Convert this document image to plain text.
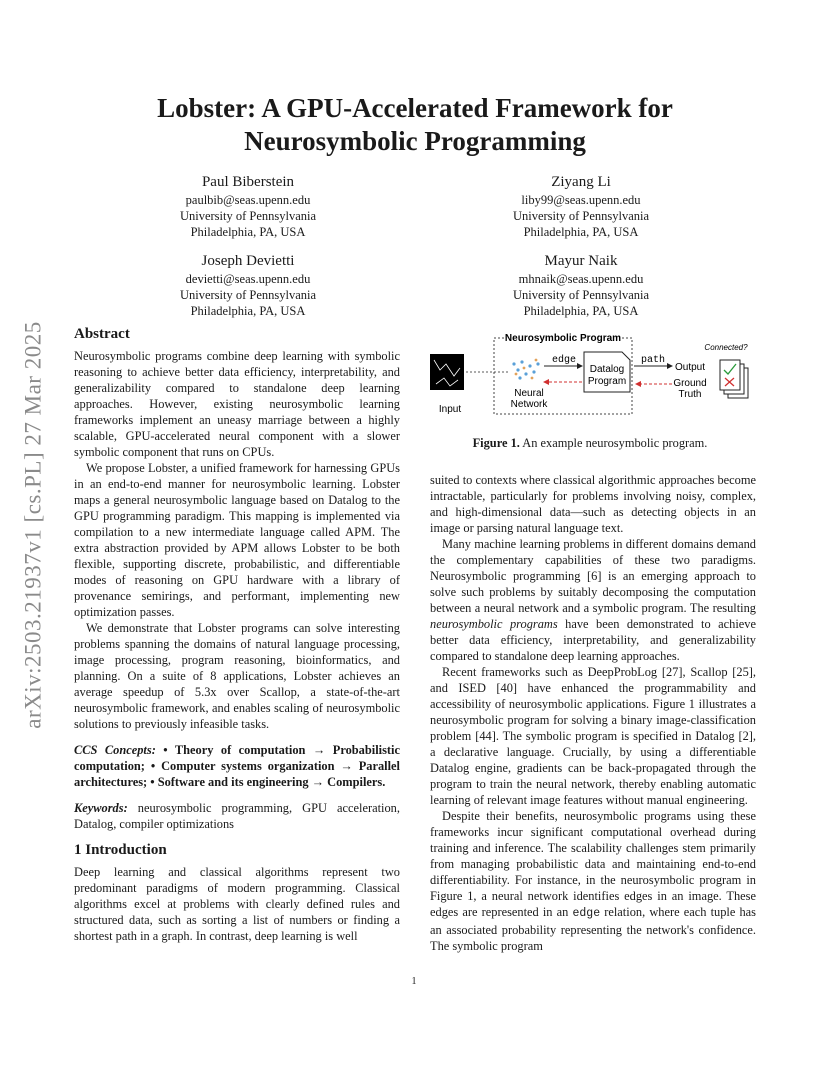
arXiv:2503.21937v1 [cs.PL] 27 Mar 2025
Lobster: A GPU-Accelerated Framework for
Neurosymbolic Programming
Paul Biberstein
paulbib@seas.upenn.edu
University of Pennsylvania
Philadelphia, PA, USA
Ziyang Li
liby99@seas.upenn.edu
University of Pennsylvania
Philadelphia, PA, USA
Joseph Devietti
devietti@seas.upenn.edu
University of Pennsylvania
Philadelphia, PA, USA
Mayur Naik
mhnaik@seas.upenn.edu
University of Pennsylvania
Philadelphia, PA, USA
Abstract

Neurosymbolic programs combine deep learning with symbolic reasoning to achieve better data efficiency, interpretability, and generalizability compared to standalone deep learning approaches. However, existing neurosymbolic learning frameworks implement an uneasy marriage between a highly scalable, GPU-accelerated neural component with a slower symbolic component that runs on CPUs.

We propose Lobster, a unified framework for harnessing GPUs in an end-to-end manner for neurosymbolic learning. Lobster maps a general neurosymbolic language based on Datalog to the GPU programming paradigm. This mapping is implemented via compilation to a new intermediate language called APM. The extra abstraction provided by APM allows Lobster to be both flexible, supporting discrete, probabilistic, and differentiable modes of reasoning on GPU hardware with a library of provenance semirings, and performant, implementing new optimization passes.

We demonstrate that Lobster programs can solve interesting problems spanning the domains of natural language processing, image processing, program reasoning, bioinformatics, and planning. On a suite of 8 applications, Lobster achieves an average speedup of 5.3x over Scallop, a state-of-the-art neurosymbolic framework, and enables scaling of neurosymbolic solutions to previously infeasible tasks.

CCS Concepts: • Theory of computation → Probabilistic computation; • Computer systems organization → Parallel architectures; • Software and its engineering → Compilers.

Keywords: neurosymbolic programming, GPU acceleration, Datalog, compiler optimizations

1 Introduction

Deep learning and classical algorithms represent two predominant paradigms of modern programming. Classical algorithms excel at problems with clearly defined rules and structured data, such as sorting a list of numbers or finding a shortest path in a graph. In contrast, deep learning is well

Neurosymbolic Program
Input
Neural
Network
edge
Datalog
Program
path
Output
Ground
Truth
Connected?
Figure 1. An example neurosymbolic program.

suited to contexts where classical algorithmic approaches become intractable, particularly for problems involving noisy, complex, and high-dimensional data—such as detecting objects in an image or parsing natural language text.

Many machine learning problems in different domains demand the complementary capabilities of these two paradigms. Neurosymbolic programming [6] is an emerging approach to solve such problems by suitably decomposing the computation between a neural network and a symbolic program. The resulting neurosymbolic programs have been demonstrated to achieve better data efficiency, interpretability, and generalizability compared to standalone deep learning approaches.

Recent frameworks such as DeepProbLog [27], Scallop [25], and ISED [40] have enhanced the programmability and accessibility of neurosymbolic applications. Figure 1 illustrates a neurosymbolic program for solving a binary image-classification problem [44]. The symbolic program is specified in Datalog [2], a declarative language. Crucially, by using a differentiable Datalog engine, gradients can be back-propagated through the program to train the neural network, thereby enabling automatic learning of relevant image features without manual engineering.

Despite their benefits, neurosymbolic programs using these frameworks incur significant computational overhead during training and inference. The scalability challenges stem primarily from managing probabilistic data and maintaining end-to-end differentiability. For instance, in the neurosymbolic program in Figure 1, a neural network identifies edges in an image. These edges are represented in an edge relation, where each tuple has an associated probability representing the network's confidence. The symbolic program

1
